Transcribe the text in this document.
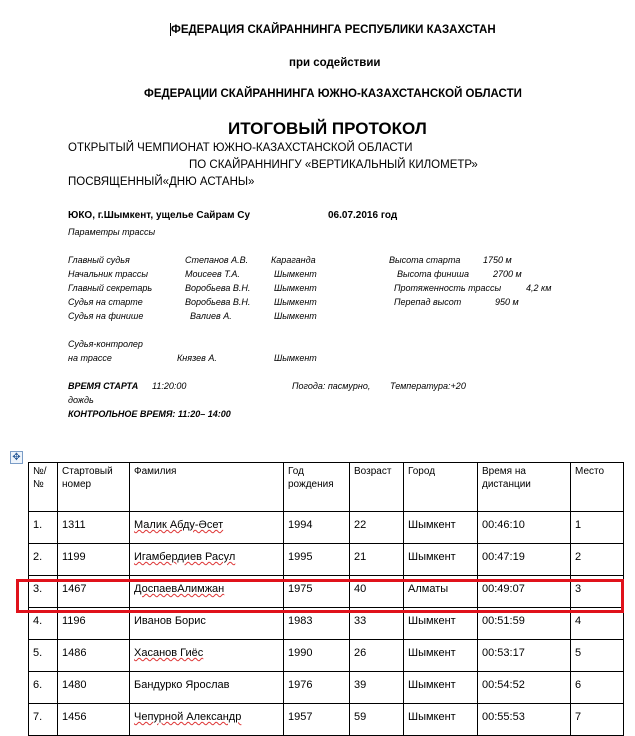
ФЕДЕРАЦИЯ СКАЙРАННИНГА РЕСПУБЛИКИ КАЗАХСТАН
при содействии
ФЕДЕРАЦИИ СКАЙРАННИНГА ЮЖНО-КАЗАХСТАНСКОЙ ОБЛАСТИ
ИТОГОВЫЙ ПРОТОКОЛ
ОТКРЫТЫЙ ЧЕМПИОНАТ ЮЖНО-КАЗАХСТАНСКОЙ ОБЛАСТИ
ПО СКАЙРАННИНГУ «ВЕРТИКАЛЬНЫЙ КИЛОМЕТР»
ПОСВЯЩЕННЫЙ«ДНЮ АСТАНЫ»
ЮКО, г.Шымкент, ущелье Сайрам Су	06.07.2016 год
Параметры трассы
Главный судья	Степанов А.В.	Караганда
Начальник трассы	Моисеев Т.А.	Шымкент
Главный секретарь	Воробьева В.Н.	Шымкент
Судья на старте	Воробьева В.Н.	Шымкент
Судья на финише	Валиев А.	Шымкент
Судья-контролер
на трассе	Князев А.	Шымкент
Высота старта	1750 м
Высота финиша	2700 м
Протяженность трассы	4,2 км
Перепад высот	950 м
ВРЕМЯ СТАРТА 11:20:00	Погода: пасмурно, Температура:+20
дождь
КОНТРОЛЬНОЕ ВРЕМЯ: 11:20– 14:00
✥
№/ №	Стартовый номер	Фамилия	Год рождения	Возраст	Город	Время на дистанции	Место
1.	1311	Малик Абду-Əсет	1994	22	Шымкент	00:46:10	1
2.	1199	Игамбердиев Расул	1995	21	Шымкент	00:47:19	2
3.	1467	ДоспаевАлимжан	1975	40	Алматы	00:49:07	3
4.	1196	Иванов Борис	1983	33	Шымкент	00:51:59	4
5.	1486	Хасанов Гиёс	1990	26	Шымкент	00:53:17	5
6.	1480	Бандурко Ярослав	1976	39	Шымкент	00:54:52	6
7.	1456	Чепурной Александр	1957	59	Шымкент	00:55:53	7
